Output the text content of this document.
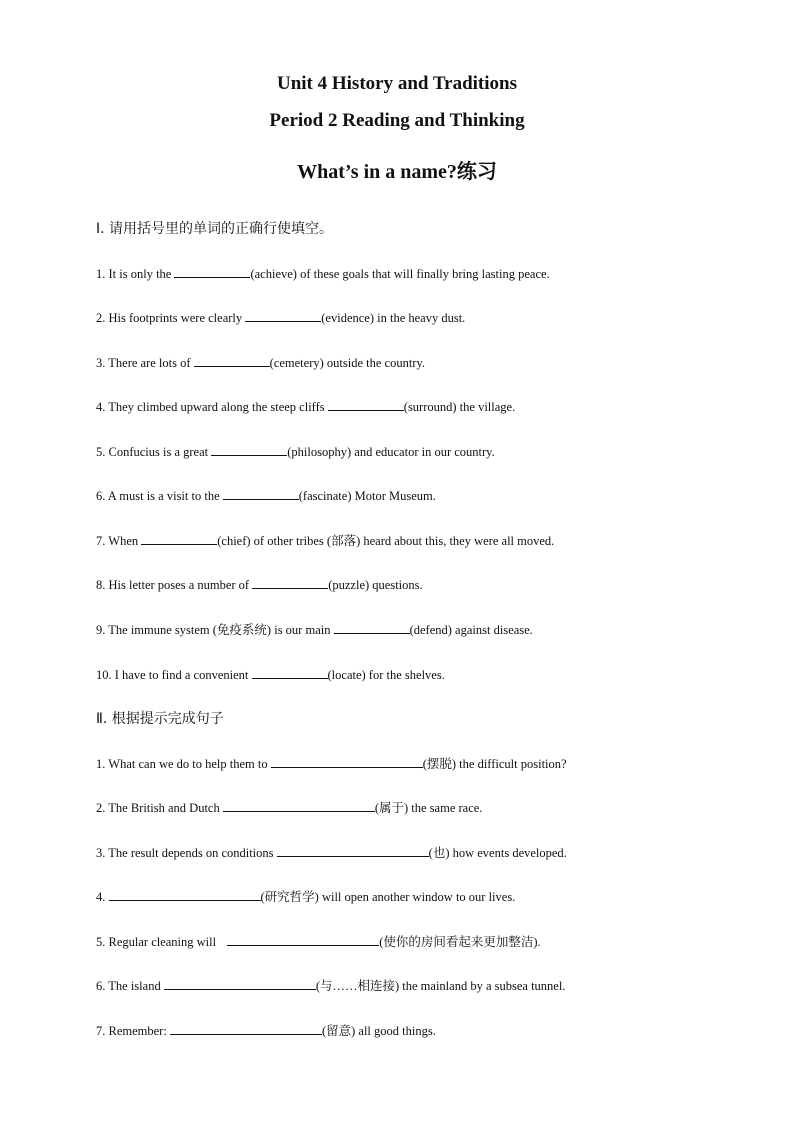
Unit 4 History and Traditions
Period 2 Reading and Thinking
What’s in a name?练习
Ⅰ. 请用括号里的单词的正确行使填空。
1. It is only the	(achieve) of these goals that will finally bring lasting peace.
2. His footprints were clearly	(evidence) in the heavy dust.
3. There are lots of	(cemetery) outside the country.
4. They climbed upward along the steep cliffs	(surround) the village.
5. Confucius is a great	(philosophy) and educator in our country.
6. A must is a visit to the	(fascinate) Motor Museum.
7. When	(chief) of other tribes (部落) heard about this, they were all moved.
8. His letter poses a number of	(puzzle) questions.
9. The immune system (免疫系统) is our main	(defend) against disease.
10. I have to find a convenient	(locate) for the shelves.
Ⅱ. 根据提示完成句子
1. What can we do to help them to	(摆脱) the difficult position?
2. The British and Dutch	(属于) the same race.
3. The result depends on conditions	(也) how events developed.
4.	(研究哲学) will open another window to our lives.
5. Regular cleaning will	(使你的房间看起来更加整洁).
6. The island	(与……相连接) the mainland by a subsea tunnel.
7. Remember:	(留意) all good things.
